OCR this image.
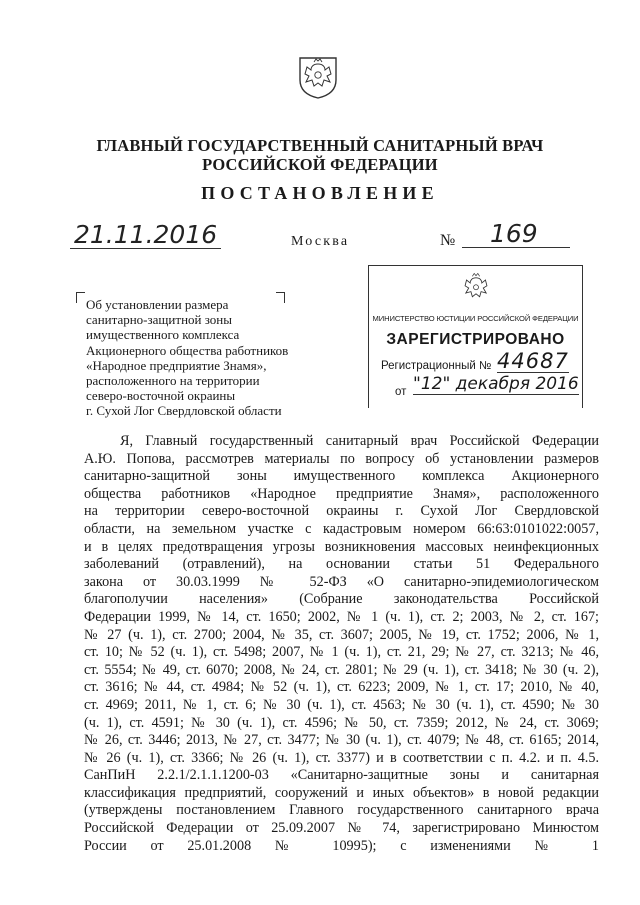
ГЛАВНЫЙ ГОСУДАРСТВЕННЫЙ САНИТАРНЫЙ ВРАЧ
РОССИЙСКОЙ ФЕДЕРАЦИИ
ПОСТАНОВЛЕНИЕ
21.11.2016	Москва	№ 169
Об установлении размера
санитарно-защитной зоны
имущественного комплекса
Акционерного общества работников
«Народное предприятие Знамя»,
расположенного на территории
северо-восточной окраины
г. Сухой Лог Свердловской области
МИНИСТЕРСТВО ЮСТИЦИИ РОССИЙСКОЙ ФЕДЕРАЦИИ
ЗАРЕГИСТРИРОВАНО
Регистрационный № 44687
от "12" декабря 2016
Я, Главный государственный санитарный врач Российской Федерации
А.Ю. Попова, рассмотрев материалы по вопросу об установлении размеров
санитарно-защитной зоны имущественного комплекса Акционерного
общества работников «Народное предприятие Знамя», расположенного
на территории северо-восточной окраины г. Сухой Лог Свердловской
области, на земельном участке с кадастровым номером 66:63:0101022:0057,
и в целях предотвращения угрозы возникновения массовых неинфекционных
заболеваний (отравлений), на основании статьи 51 Федерального
закона от 30.03.1999 № 52-ФЗ «О санитарно-эпидемиологическом
благополучии населения» (Собрание законодательства Российской
Федерации 1999, № 14, ст. 1650; 2002, № 1 (ч. 1), ст. 2; 2003, № 2, ст. 167;
№ 27 (ч. 1), ст. 2700; 2004, № 35, ст. 3607; 2005, № 19, ст. 1752; 2006, № 1,
ст. 10; № 52 (ч. 1), ст. 5498; 2007, № 1 (ч. 1), ст. 21, 29; № 27, ст. 3213; № 46,
ст. 5554; № 49, ст. 6070; 2008, № 24, ст. 2801; № 29 (ч. 1), ст. 3418; № 30 (ч. 2),
ст. 3616; № 44, ст. 4984; № 52 (ч. 1), ст. 6223; 2009, № 1, ст. 17; 2010, № 40,
ст. 4969; 2011, № 1, ст. 6; № 30 (ч. 1), ст. 4563; № 30 (ч. 1), ст. 4590; № 30
(ч. 1), ст. 4591; № 30 (ч. 1), ст. 4596; № 50, ст. 7359; 2012, № 24, ст. 3069;
№ 26, ст. 3446; 2013, № 27, ст. 3477; № 30 (ч. 1), ст. 4079; № 48, ст. 6165; 2014,
№ 26 (ч. 1), ст. 3366; № 26 (ч. 1), ст. 3377) и в соответствии с п. 4.2. и п. 4.5.
СанПиН 2.2.1/2.1.1.1200-03 «Санитарно-защитные зоны и санитарная
классификация предприятий, сооружений и иных объектов» в новой редакции
(утверждены постановлением Главного государственного санитарного врача
Российской Федерации от 25.09.2007 № 74, зарегистрировано Минюстом
России от 25.01.2008 № 10995); с изменениями № 1
